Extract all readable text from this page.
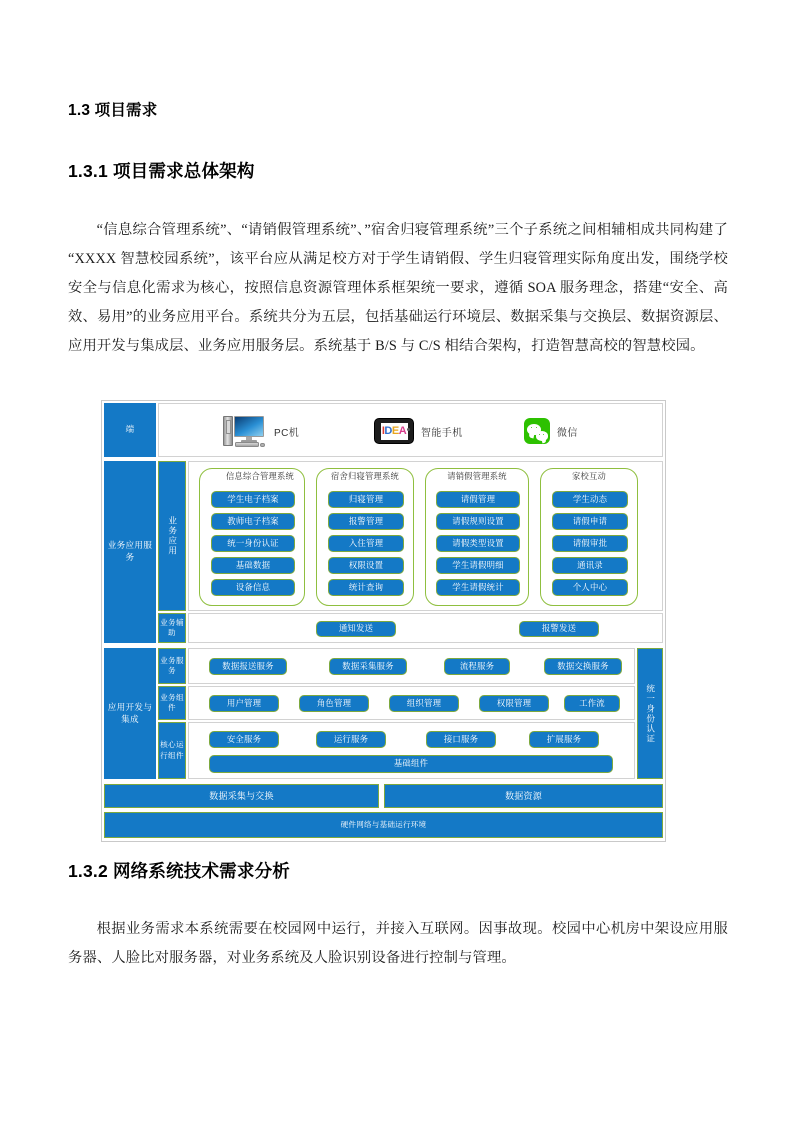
1.3 项目需求
1.3.1 项目需求总体架构

“信息综合管理系统”、“请销假管理系统”、”宿舍归寝管理系统”三个子系统之间相辅相成共同构建了“XXXX 智慧校园系统”，该平台应从满足校方对于学生请销假、学生归寝管理实际角度出发，围绕学校安全与信息化需求为核心，按照信息资源管理体系框架统一要求，遵循 SOA 服务理念，搭建“安全、高效、易用”的业务应用平台。系统共分为五层，包括基础运行环境层、数据采集与交换层、数据资源层、应用开发与集成层、业务应用服务层。系统基于 B/S 与 C/S 相结合架构，打造智慧高校的智慧校园。

端	PC机	I D E A 智能手机	微信
业务应用服务
业务应用
信息综合管理系统
学生电子档案
教师电子档案
统一身份认证
基础数据
设备信息
宿舍归寝管理系统
归寝管理
报警管理
入住管理
权限设置
统计查询
请销假管理系统
请假管理
请假规则设置
请假类型设置
学生请假明细
学生请假统计
家校互动
学生动态
请假申请
请假审批
通讯录
个人中心
业务辅助	通知发送	报警发送
应用开发与集成	统一身份认证
业务服务	数据报送服务	数据采集服务	流程服务	数据交换服务
业务组件	用户管理	角色管理	组织管理	权限管理	工作流
核心运行组件
安全服务	运行服务	接口服务	扩展服务
基础组件
数据采集与交换	数据资源
硬件网络与基础运行环境
1.3.2 网络系统技术需求分析

根据业务需求本系统需要在校园网中运行，并接入互联网。因事故现。校园中心机房中架设应用服务器、人脸比对服务器，对业务系统及人脸识别设备进行控制与管理。
